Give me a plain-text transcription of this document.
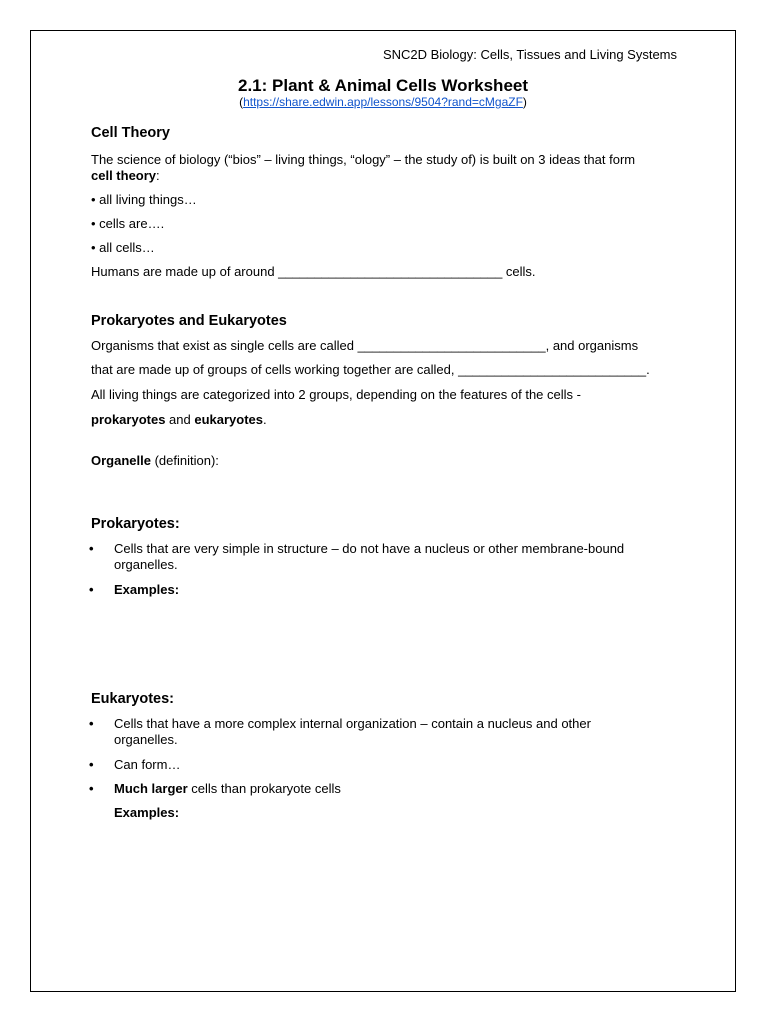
SNC2D Biology: Cells, Tissues and Living Systems
2.1: Plant & Animal Cells Worksheet
(https://share.edwin.app/lessons/9504?rand=cMgaZF)
Cell Theory
The science of biology (“bios” – living things, “ology” – the study of) is built on 3 ideas that form
cell theory:
• all living things…
• cells are….
• all cells…
Humans are made up of around _______________________________ cells.
Prokaryotes and Eukaryotes
Organisms that exist as single cells are called __________________________, and organisms
that are made up of groups of cells working together are called, __________________________.
All living things are categorized into 2 groups, depending on the features of the cells -
prokaryotes and eukaryotes.
Organelle (definition):
Prokaryotes:
• Cells that are very simple in structure – do not have a nucleus or other membrane-bound
organelles.
• Examples:
Eukaryotes:
• Cells that have a more complex internal organization – contain a nucleus and other
organelles.
• Can form…
• Much larger cells than prokaryote cells
Examples:
